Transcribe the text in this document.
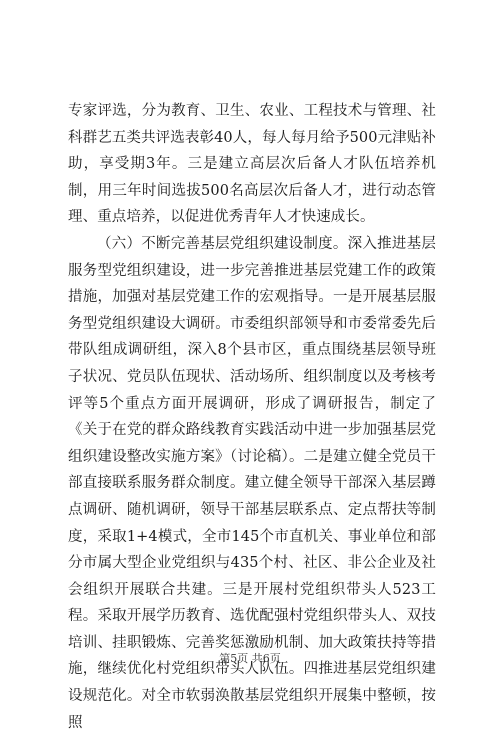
专家评选，分为教育、卫生、农业、工程技术与管理、社科群艺五类共评选表彰40人，每人每月给予500元津贴补助，享受期3年。三是建立高层次后备人才队伍培养机制，用三年时间选拔500名高层次后备人才，进行动态管理、重点培养，以促进优秀青年人才快速成长。

（六）不断完善基层党组织建设制度。深入推进基层服务型党组织建设，进一步完善推进基层党建工作的政策措施，加强对基层党建工作的宏观指导。一是开展基层服务型党组织建设大调研。市委组织部领导和市委常委先后带队组成调研组，深入8个县市区，重点围绕基层领导班子状况、党员队伍现状、活动场所、组织制度以及考核考评等5个重点方面开展调研，形成了调研报告，制定了《关于在党的群众路线教育实践活动中进一步加强基层党组织建设整改实施方案》（讨论稿）。二是建立健全党员干部直接联系服务群众制度。建立健全领导干部深入基层蹲点调研、随机调研，领导干部基层联系点、定点帮扶等制度，采取1+4模式，全市145个市直机关、事业单位和部分市属大型企业党组织与435个村、社区、非公企业及社会组织开展联合共建。三是开展村党组织带头人523工程。采取开展学历教育、选优配强村党组织带头人、双技培训、挂职锻炼、完善奖惩激励机制、加大政策扶持等措施，继续优化村党组织带头人队伍。四推进基层党组织建设规范化。对全市软弱涣散基层党组织开展集中整顿，按照

第5页 共6页
